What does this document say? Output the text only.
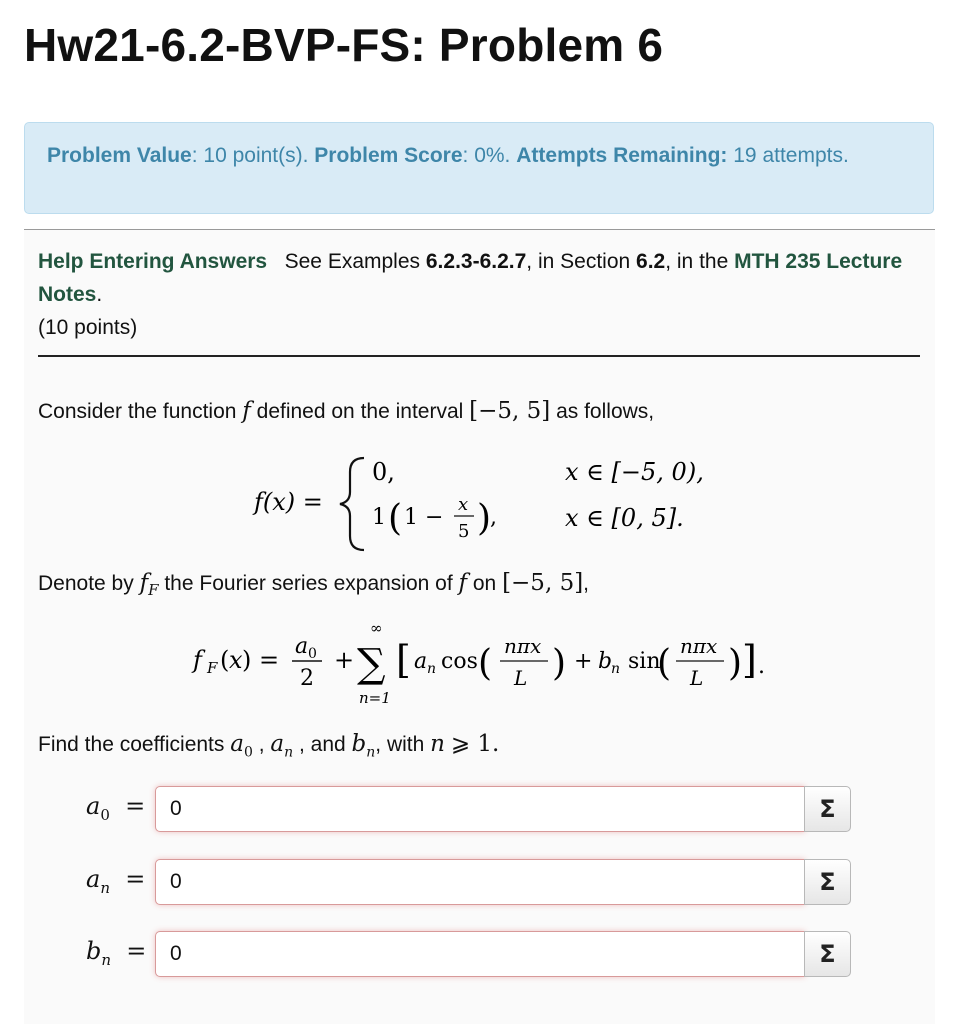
Hw21-6.2-BVP-FS: Problem 6
Problem Value: 10 point(s). Problem Score: 0%. Attempts Remaining: 19 attempts.
Help Entering Answers See Examples 6.2.3-6.2.7, in Section 6.2, in the MTH 235 Lecture Notes.
(10 points)
Consider the function f defined on the interval [−5, 5] as follows,
f(x) =
0,	x ∈ [−5, 0),
1 ( 1 −
x
5 )
,	x ∈ [0, 5].
Denote by $f_F$ the Fourier series expansion of f on [−5, 5],
f F ( x ) = a 0
2
+
∞
∑
n=1
[ a n cos ( nπx
L ) + b
n sin
( nπx
L ) ] .
Find the coefficients $a_0$ , $a_n$ , and $b_n$, with n ⩾ 1.
$a_0$  =
0	Σ
$a_n$  =
0	Σ
$b_n$  =
0	Σ
